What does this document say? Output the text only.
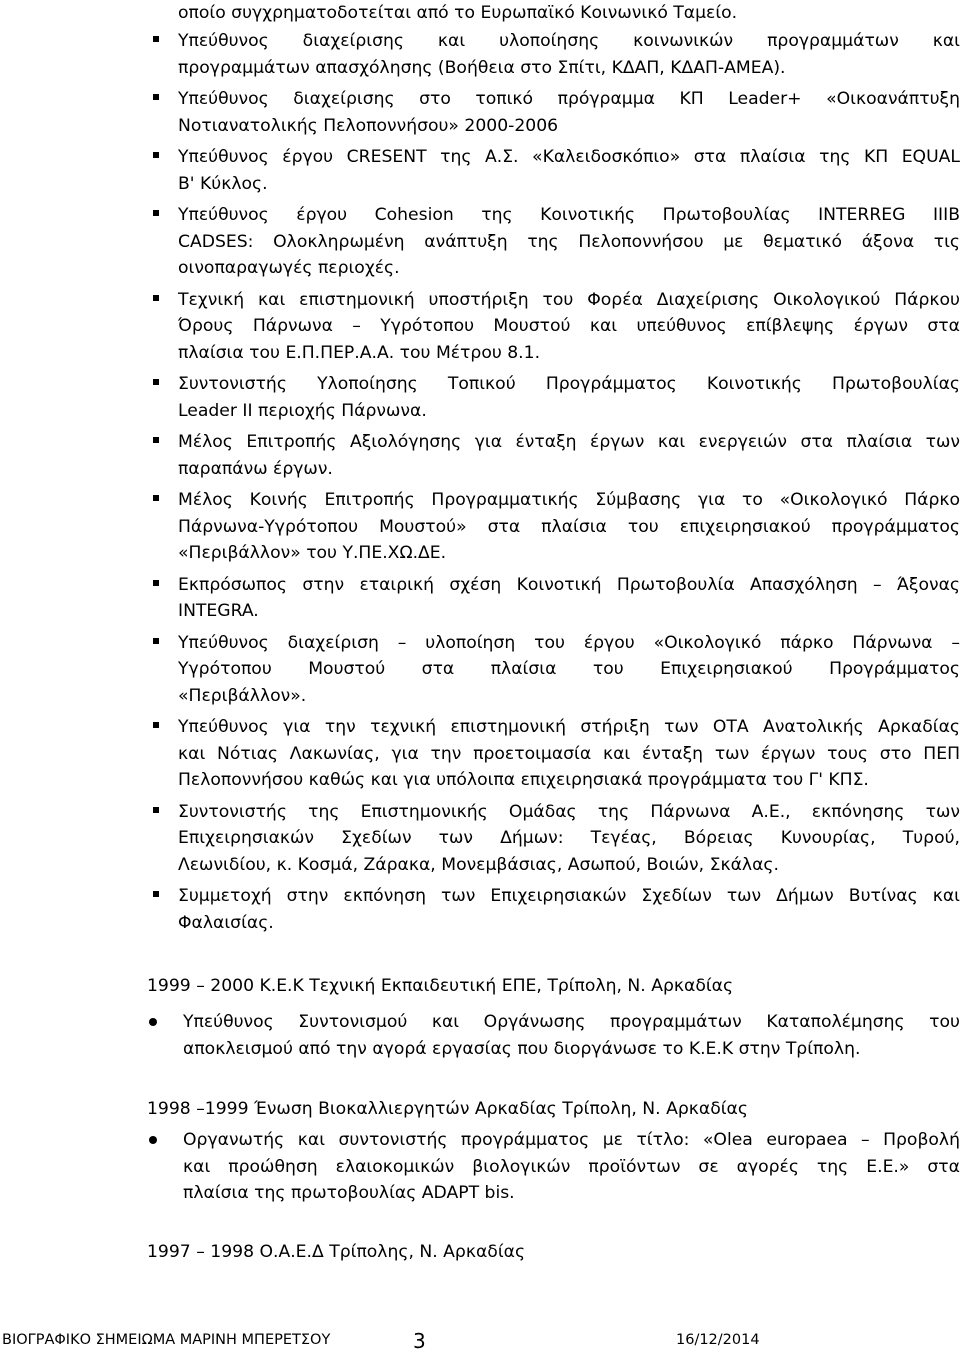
οποίο συγχρηματοδοτείται από το Ευρωπαϊκό Κοινωνικό Ταμείο.
Υπεύθυνος διαχείρισης και υλοποίησης κοινωνικών προγραμμάτων και
προγραμμάτων απασχόλησης (Βοήθεια στο Σπίτι, ΚΔΑΠ, ΚΔΑΠ-ΑΜΕΑ).
Υπεύθυνος διαχείρισης στο τοπικό πρόγραμμα ΚΠ Leader+ «Οικοανάπτυξη
Νοτιανατολικής Πελοποννήσου» 2000-2006
Υπεύθυνος έργου CRESENT της Α.Σ. «Καλειδοσκόπιο» στα πλαίσια της ΚΠ EQUAL
Β' Κύκλος.
Υπεύθυνος έργου Cohesion της Κοινοτικής Πρωτοβουλίας INTERREG IIIB
CADSES: Ολοκληρωμένη ανάπτυξη της Πελοποννήσου με θεματικό άξονα τις
οινοπαραγωγές περιοχές.
Τεχνική και επιστημονική υποστήριξη του Φορέα Διαχείρισης Οικολογικού Πάρκου
Όρους Πάρνωνα – Υγρότοπου Μουστού και υπεύθυνος επίβλεψης έργων στα
πλαίσια του Ε.Π.ΠΕΡ.Α.Α. του Μέτρου 8.1.
Συντονιστής Υλοποίησης Τοπικού Προγράμματος Κοινοτικής Πρωτοβουλίας
Leader II περιοχής Πάρνωνα.
Μέλος Επιτροπής Αξιολόγησης για ένταξη έργων και ενεργειών στα πλαίσια των
παραπάνω έργων.
Μέλος Κοινής Επιτροπής Προγραμματικής Σύμβασης για το «Οικολογικό Πάρκο
Πάρνωνα-Υγρότοπου Μουστού» στα πλαίσια του επιχειρησιακού προγράμματος
«Περιβάλλον» του Υ.ΠΕ.ΧΩ.ΔΕ.
Εκπρόσωπος στην εταιρική σχέση Κοινοτική Πρωτοβουλία Απασχόληση – Άξονας
INTEGRA.
Υπεύθυνος διαχείριση – υλοποίηση του έργου «Οικολογικό πάρκο Πάρνωνα –
Υγρότοπου Μουστού στα πλαίσια του Επιχειρησιακού Προγράμματος
«Περιβάλλον».
Υπεύθυνος για την τεχνική επιστημονική στήριξη των ΟΤΑ Ανατολικής Αρκαδίας
και Νότιας Λακωνίας, για την προετοιμασία και ένταξη των έργων τους στο ΠΕΠ
Πελοποννήσου καθώς και για υπόλοιπα επιχειρησιακά προγράμματα του Γ' ΚΠΣ.
Συντονιστής της Επιστημονικής Ομάδας της Πάρνωνα Α.Ε., εκπόνησης των
Επιχειρησιακών Σχεδίων των Δήμων: Τεγέας, Βόρειας Κυνουρίας, Τυρού,
Λεωνιδίου, κ. Κοσμά, Ζάρακα, Μονεμβάσιας, Ασωπού, Βοιών, Σκάλας.
Συμμετοχή στην εκπόνηση των Επιχειρησιακών Σχεδίων των Δήμων Βυτίνας και
Φαλαισίας.
1999 – 2000 Κ.Ε.Κ Τεχνική Εκπαιδευτική ΕΠΕ, Τρίπολη, Ν. Αρκαδίας
Υπεύθυνος Συντονισμού και Οργάνωσης προγραμμάτων Καταπολέμησης του
αποκλεισμού από την αγορά εργασίας που διοργάνωσε το Κ.Ε.Κ στην Τρίπολη.
1998 –1999 Ένωση Βιοκαλλιεργητών Αρκαδίας Τρίπολη, Ν. Αρκαδίας
Οργανωτής και συντονιστής προγράμματος με τίτλο: «Olea europaea – Προβολή
και προώθηση ελαιοκομικών βιολογικών προϊόντων σε αγορές της Ε.Ε.» στα
πλαίσια της πρωτοβουλίας ADAPT bis.
1997 – 1998 Ο.Α.Ε.Δ Τρίπολης, Ν. Αρκαδίας
ΒΙΟΓΡΑΦΙΚΟ ΣΗΜΕΙΩΜΑ ΜΑΡΙΝΗ ΜΠΕΡΕΤΣΟΥ	3	16/12/2014
